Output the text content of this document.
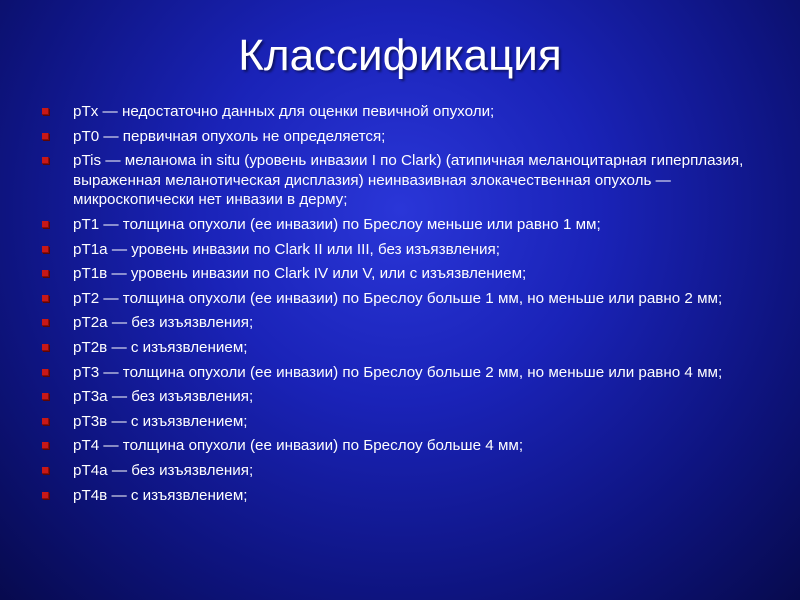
Классификация
pTx — недостаточно данных для оценки певичной опухоли;
pT0 — первичная опухоль не определяется;
pTis — меланома in situ (уровень инвазии I по Clark) (атипичная меланоцитарная гиперплазия, выраженная меланотическая дисплазия) неинвазивная злокачественная опухоль — микроскопически нет инвазии в дерму;
pT1 — толщина опухоли (ее инвазии) по Бреслоу меньше или равно 1 мм;
pT1a — уровень инвазии по Clark II или III, без изъязвления;
pT1в — уровень инвазии по Clark IV или V, или с изъязвлением;
pT2 — толщина опухоли (ее инвазии) по Бреслоу больше 1 мм, но меньше или равно 2 мм;
pT2a — без изъязвления;
pT2в — с изъязвлением;
pT3 — толщина опухоли (ее инвазии) по Бреслоу больше 2 мм, но меньше или равно 4 мм;
pT3a — без изъязвления;
pT3в — с изъязвлением;
pT4 — толщина опухоли (ее инвазии) по Бреслоу больше 4 мм;
pT4a — без изъязвления;
pT4в — с изъязвлением;
